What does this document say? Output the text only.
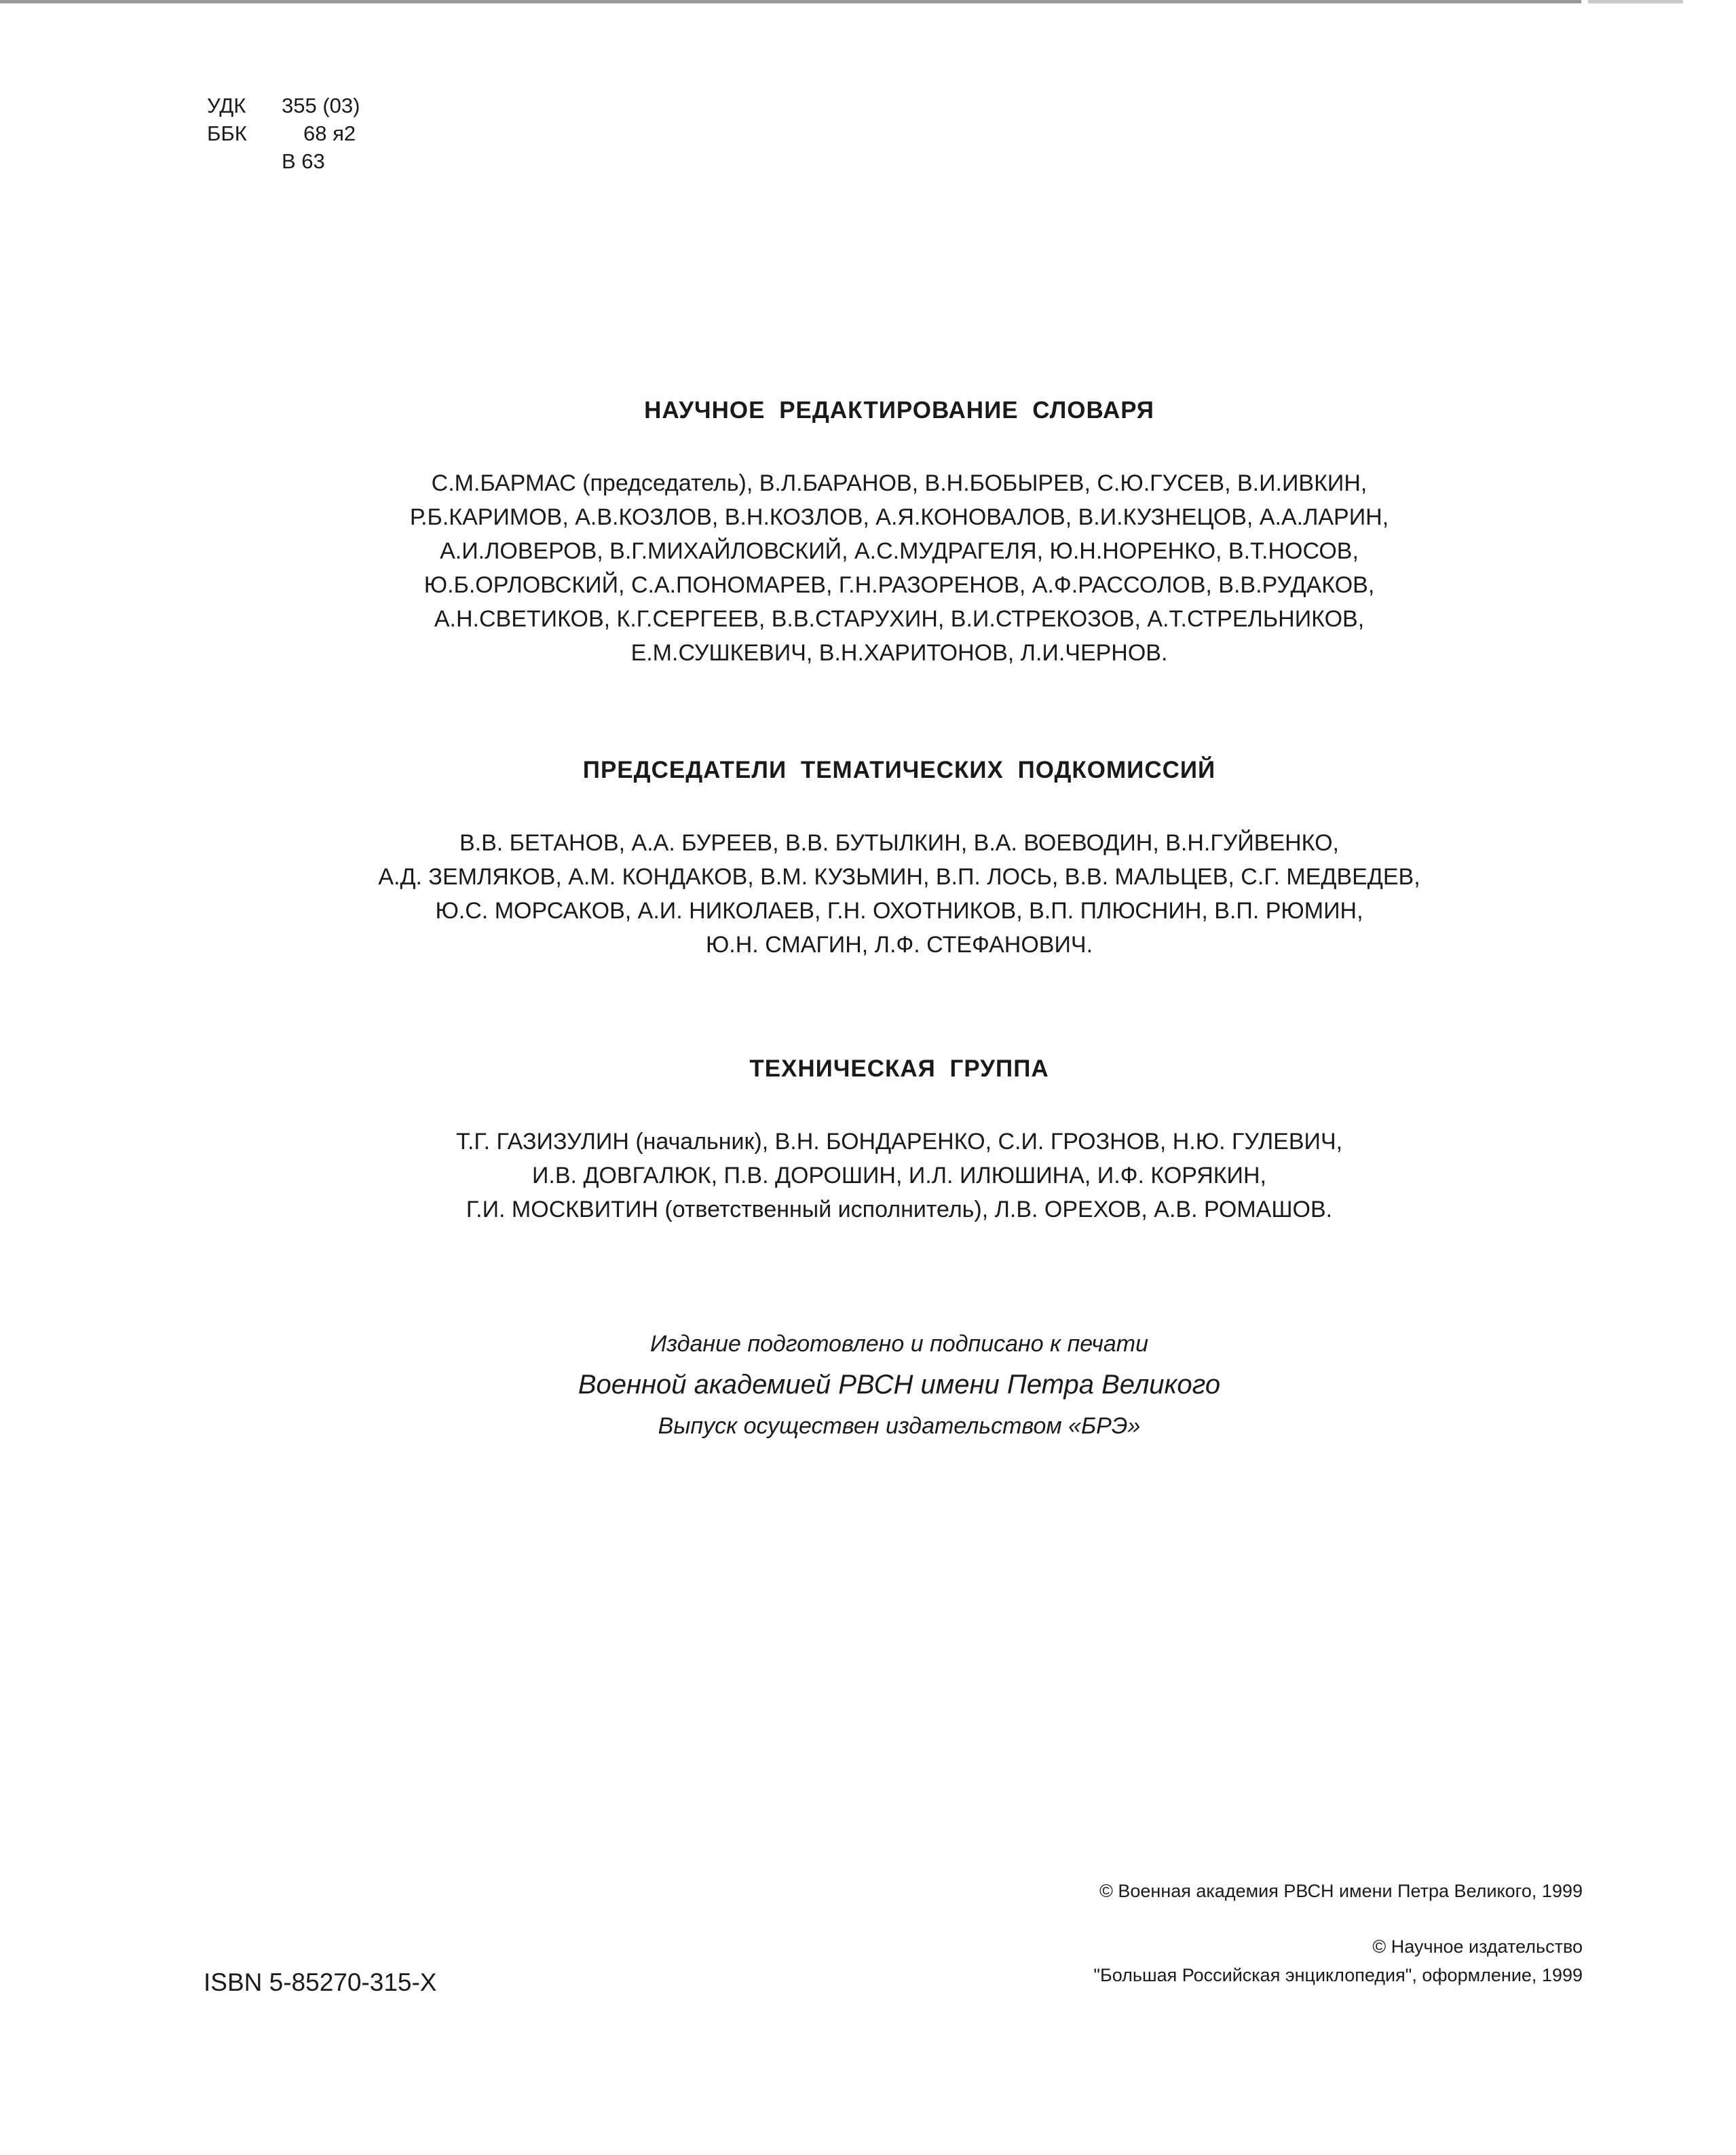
УДК	355 (03)
ББК	68 я2
В 63
НАУЧНОЕ РЕДАКТИРОВАНИЕ СЛОВАРЯ
С.М.БАРМАС (председатель), В.Л.БАРАНОВ, В.Н.БОБЫРЕВ, С.Ю.ГУСЕВ, В.И.ИВКИН,
Р.Б.КАРИМОВ, А.В.КОЗЛОВ, В.Н.КОЗЛОВ, А.Я.КОНОВАЛОВ, В.И.КУЗНЕЦОВ, А.А.ЛАРИН,
А.И.ЛОВЕРОВ, В.Г.МИХАЙЛОВСКИЙ, А.С.МУДРАГЕЛЯ, Ю.Н.НОРЕНКО, В.Т.НОСОВ,
Ю.Б.ОРЛОВСКИЙ, С.А.ПОНОМАРЕВ, Г.Н.РАЗОРЕНОВ, А.Ф.РАССОЛОВ, В.В.РУДАКОВ,
А.Н.СВЕТИКОВ, К.Г.СЕРГЕЕВ, В.В.СТАРУХИН, В.И.СТРЕКОЗОВ, А.Т.СТРЕЛЬНИКОВ,
Е.М.СУШКЕВИЧ, В.Н.ХАРИТОНОВ, Л.И.ЧЕРНОВ.
ПРЕДСЕДАТЕЛИ ТЕМАТИЧЕСКИХ ПОДКОМИССИЙ
В.В. БЕТАНОВ, А.А. БУРЕЕВ, В.В. БУТЫЛКИН, В.А. ВОЕВОДИН, В.Н.ГУЙВЕНКО,
А.Д. ЗЕМЛЯКОВ, А.М. КОНДАКОВ, В.М. КУЗЬМИН, В.П. ЛОСЬ, В.В. МАЛЬЦЕВ, С.Г. МЕДВЕДЕВ,
Ю.С. МОРСАКОВ, А.И. НИКОЛАЕВ, Г.Н. ОХОТНИКОВ, В.П. ПЛЮСНИН, В.П. РЮМИН,
Ю.Н. СМАГИН, Л.Ф. СТЕФАНОВИЧ.
ТЕХНИЧЕСКАЯ ГРУППА
Т.Г. ГАЗИЗУЛИН (начальник), В.Н. БОНДАРЕНКО, С.И. ГРОЗНОВ, Н.Ю. ГУЛЕВИЧ,
И.В. ДОВГАЛЮК, П.В. ДОРОШИН, И.Л. ИЛЮШИНА, И.Ф. КОРЯКИН,
Г.И. МОСКВИТИН (ответственный исполнитель), Л.В. ОРЕХОВ, А.В. РОМАШОВ.
Издание подготовлено и подписано к печати
Военной академией РВСН имени Петра Великого
Выпуск осуществен издательством «БРЭ»
ISBN 5-85270-315-X
© Военная академия РВСН имени Петра Великого, 1999
© Научное издательство
"Большая Российская энциклопедия", оформление, 1999
